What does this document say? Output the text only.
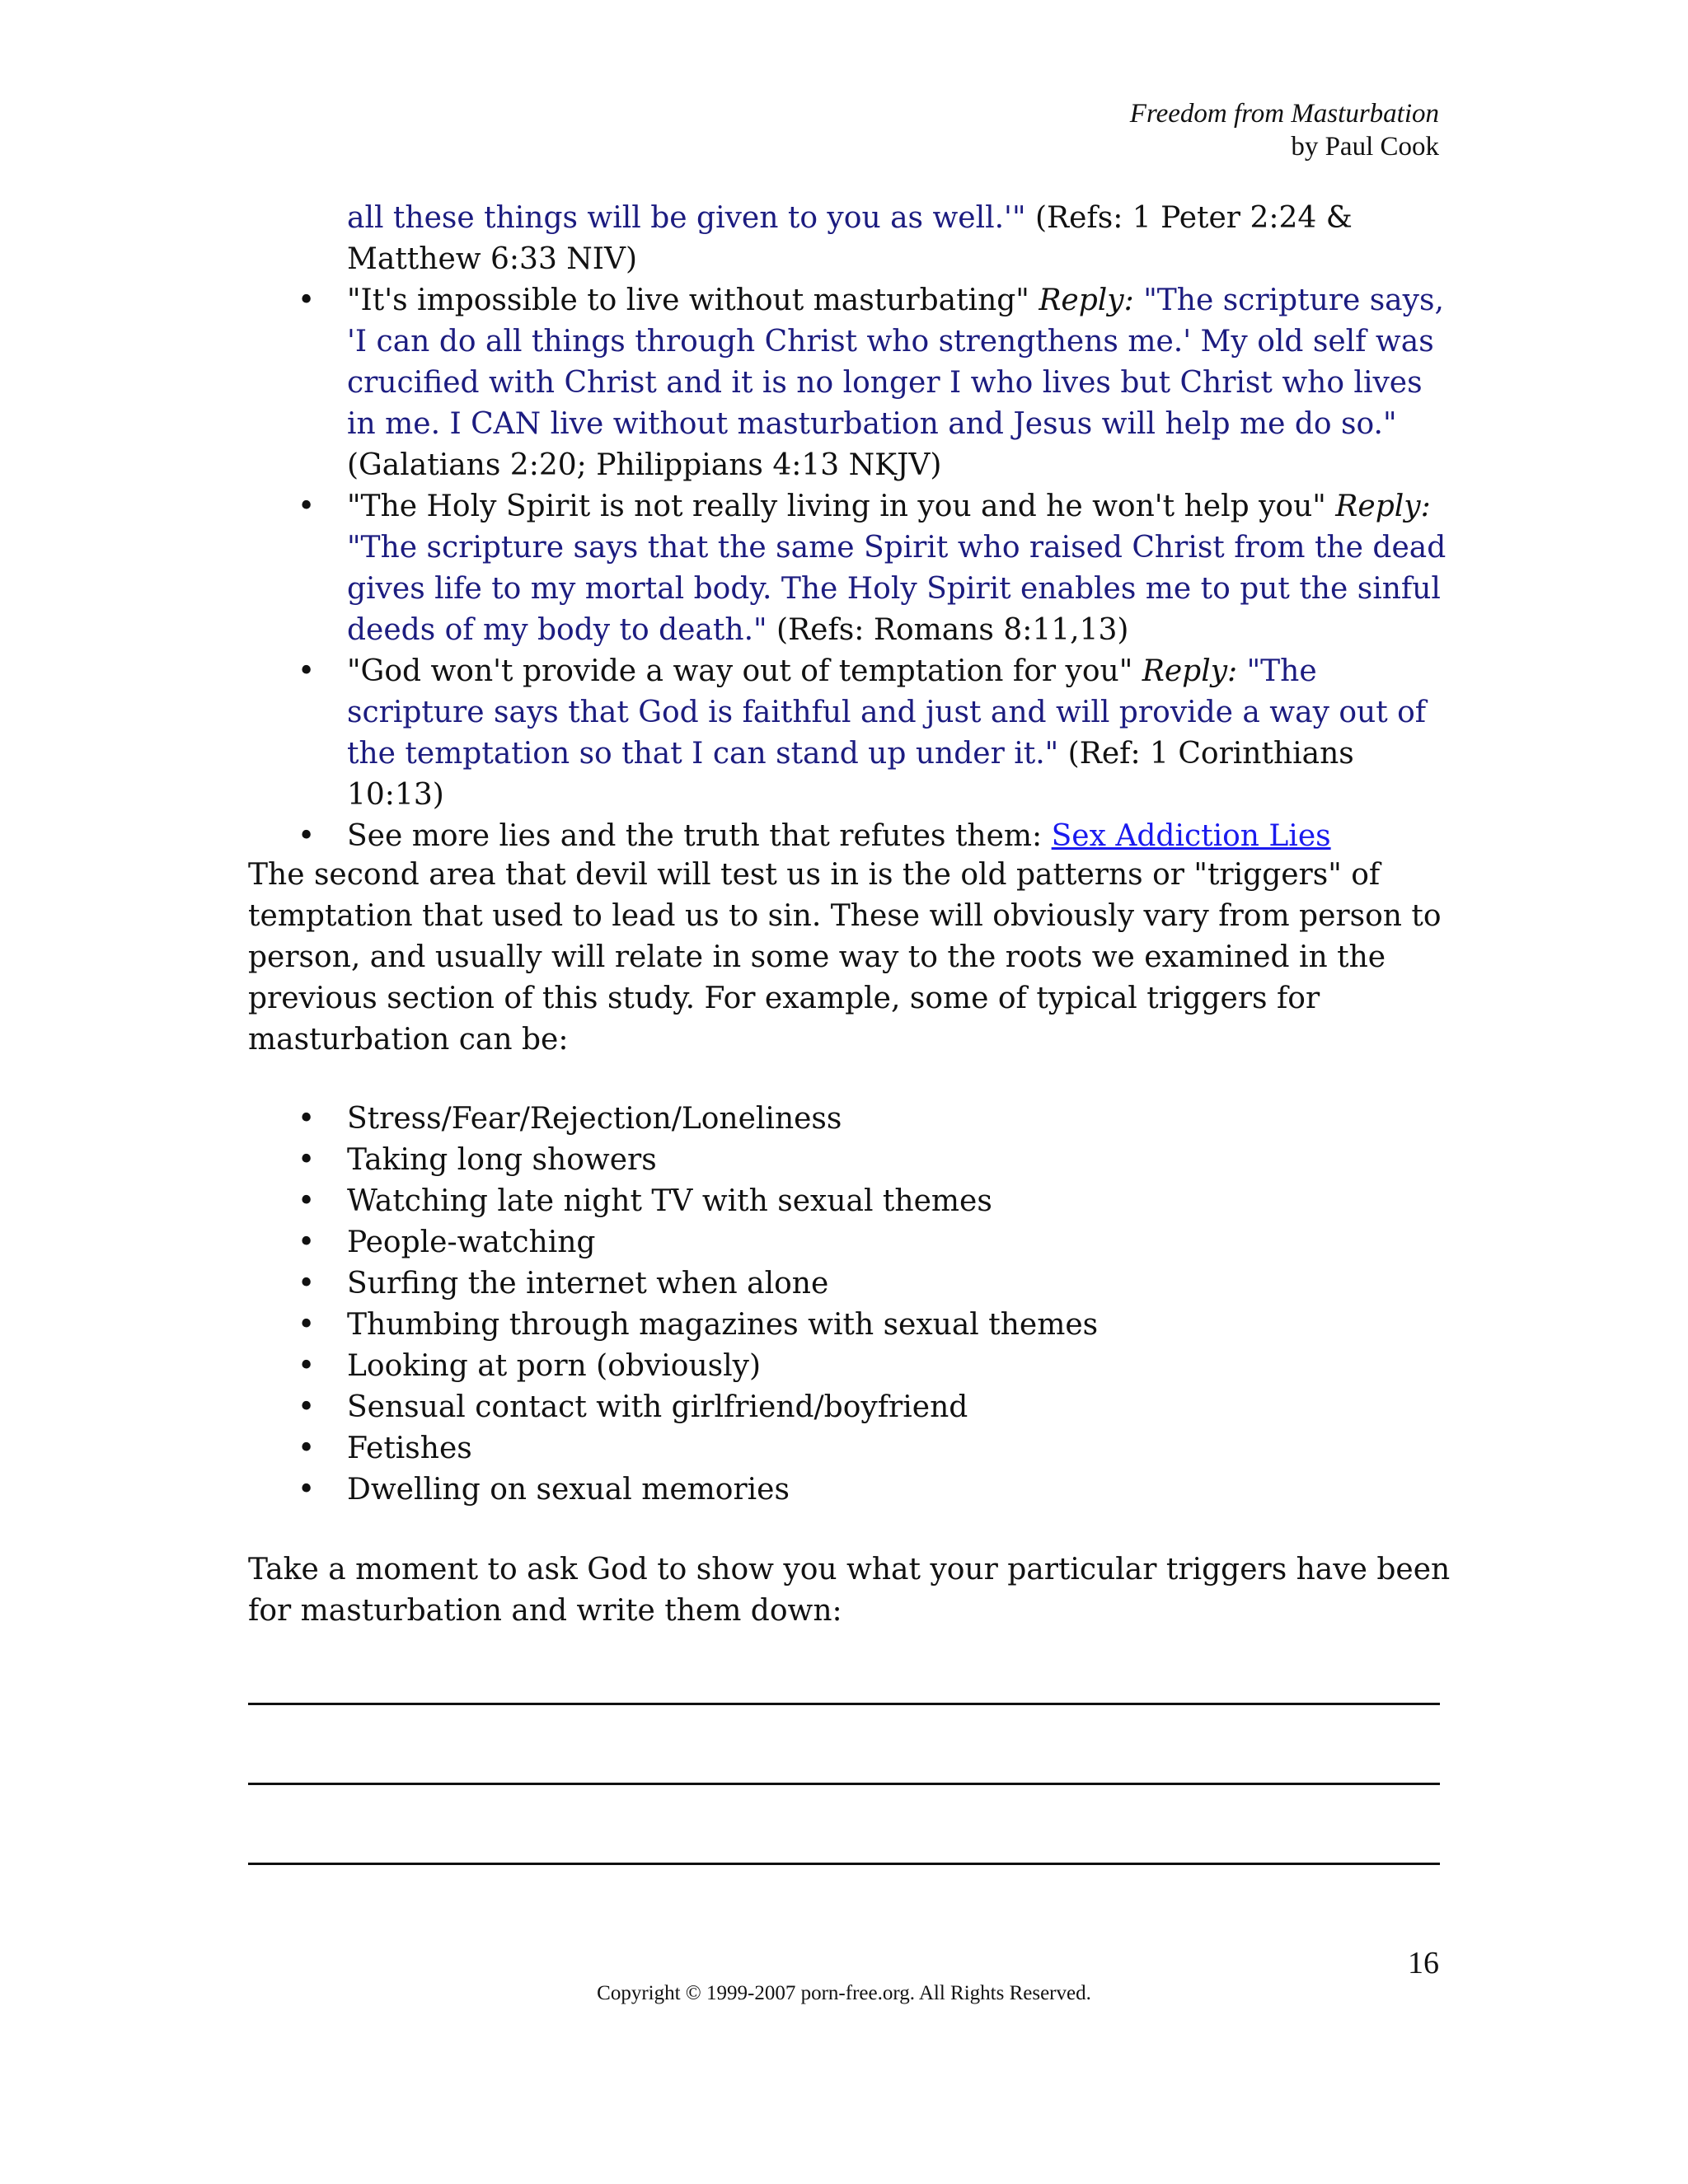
Freedom from Masturbation
by Paul Cook
all these things will be given to you as well.'" (Refs: 1 Peter 2:24 & Matthew 6:33 NIV)
• "It's impossible to live without masturbating" Reply: "The scripture says, 'I can do all things through Christ who strengthens me.' My old self was crucified with Christ and it is no longer I who lives but Christ who lives in me. I CAN live without masturbation and Jesus will help me do so." (Galatians 2:20; Philippians 4:13 NKJV)
• "The Holy Spirit is not really living in you and he won't help you" Reply: "The scripture says that the same Spirit who raised Christ from the dead gives life to my mortal body. The Holy Spirit enables me to put the sinful deeds of my body to death." (Refs: Romans 8:11,13)
• "God won't provide a way out of temptation for you" Reply: "The scripture says that God is faithful and just and will provide a way out of the temptation so that I can stand up under it." (Ref: 1 Corinthians 10:13)
• See more lies and the truth that refutes them: Sex Addiction Lies
The second area that devil will test us in is the old patterns or "triggers" of temptation that used to lead us to sin. These will obviously vary from person to person, and usually will relate in some way to the roots we examined in the previous section of this study. For example, some of typical triggers for masturbation can be:
• Stress/Fear/Rejection/Loneliness
• Taking long showers
• Watching late night TV with sexual themes
• People-watching
• Surfing the internet when alone
• Thumbing through magazines with sexual themes
• Looking at porn (obviously)
• Sensual contact with girlfriend/boyfriend
• Fetishes
• Dwelling on sexual memories
Take a moment to ask God to show you what your particular triggers have been for masturbation and write them down:
16
Copyright © 1999-2007 porn-free.org. All Rights Reserved.
